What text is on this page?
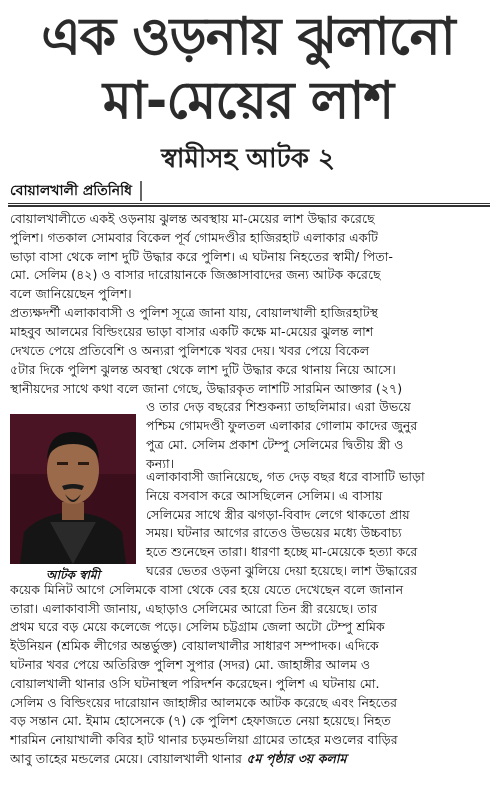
এক ওড়নায় ঝুলানো
মা-মেয়ের লাশ
স্বামীসহ আটক ২
বোয়ালখালী প্রতিনিধি
বোয়ালখালীতে একই ওড়নায় ঝুলন্ত অবস্থায় মা-মেয়ের লাশ উদ্ধার করেছে
পুলিশ। গতকাল সোমবার বিকেল পূর্ব গোমদণ্ডীর হাজিরহাট এলাকার একটি
ভাড়া বাসা থেকে লাশ দুটি উদ্ধার করে পুলিশ। এ ঘটনায় নিহতের স্বামী/ পিতা-
মো. সেলিম (৪২) ও বাসার দারোয়ানকে জিজ্ঞাসাবাদের জন্য আটক করেছে
বলে জানিয়েছেন পুলিশ।
প্রত্যক্ষদর্শী এলাকাবাসী ও পুলিশ সূত্রে জানা যায়, বোয়ালখালী হাজিরহাটস্থ
মাহবুব আলমের বিল্ডিংয়ের ভাড়া বাসার একটি কক্ষে মা-মেয়ের ঝুলন্ত লাশ
দেখতে পেয়ে প্রতিবেশি ও অন্যরা পুলিশকে খবর দেয়। খবর পেয়ে বিকেল
৫টার দিকে পুলিশ ঝুলন্ত অবস্থা থেকে লাশ দুটি উদ্ধার করে থানায় নিয়ে আসে।
স্থানীয়দের সাথে কথা বলে জানা গেছে, উদ্ধারকৃত লাশটি সারমিন আক্তার (২৭)
ও তার দেড় বছরের শিশুকন্যা তাছলিমার। এরা উভয়ে
পশ্চিম গোমদণ্ডী ফুলতল এলাকার গোলাম কাদের জুনুর
পুত্র মো. সেলিম প্রকাশ টেম্পু সেলিমের দ্বিতীয় স্ত্রী ও
কন্যা।
এলাকাবাসী জানিয়েছে, গত দেড় বছর ধরে বাসাটি ভাড়া
নিয়ে বসবাস করে আসছিলেন সেলিম। এ বাসায়
সেলিমের সাথে স্ত্রীর ঝগড়া-বিবাদ লেগে থাকতো প্রায়
সময়। ঘটনার আগের রাতেও উভয়ের মধ্যে উচ্চবাচ্য
হতে শুনেছেন তারা। ধারণা হচ্ছে মা-মেয়েকে হত্যা করে
ঘরের ভেতর ওড়না ঝুলিয়ে দেয়া হয়েছে। লাশ উদ্ধারের
কয়েক মিনিট আগে সেলিমকে বাসা থেকে বের হয়ে যেতে দেখেছেন বলে জানান
তারা। এলাকাবাসী জানায়, এছাড়াও সেলিমের আরো তিন স্ত্রী রয়েছে। তার
প্রথম ঘরে বড় মেয়ে কলেজে পড়ে। সেলিম চট্টগ্রাম জেলা অটো টেম্পু শ্রমিক
ইউনিয়ন (শ্রমিক লীগের অন্তর্ভুক্ত) বোয়ালখালীর সাধারণ সম্পাদক। এদিকে
ঘটনার খবর পেয়ে অতিরিক্ত পুলিশ সুপার (সদর) মো. জাহাঙ্গীর আলম ও
বোয়ালখালী থানার ওসি ঘটনাস্থল পরিদর্শন করেছেন। পুলিশ এ ঘটনায় মো.
সেলিম ও বিল্ডিংয়ের দারোয়ান জাহাঙ্গীর আলমকে আটক করেছে এবং নিহতের
বড় সন্তান মো. ইমাম হোসেনকে (৭) কে পুলিশ হেফাজতে নেয়া হয়েছে। নিহত
শারমিন নোয়াখালী কবির হাট থানার চড়মন্ডলিয়া গ্রামের তাহের মণ্ডলের বাড়ির
আবু তাহের মন্ডলের মেয়ে। বোয়ালখালী থানার ৫ম পৃষ্ঠার ৩য় কলাম
আটক স্বামী
